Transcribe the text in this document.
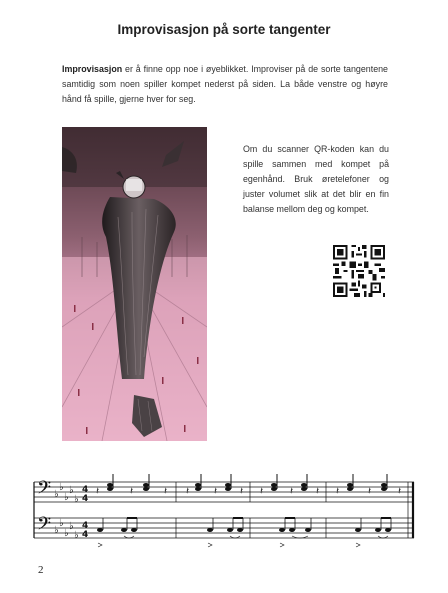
Improvisasjon på sorte tangenter
Improvisasjon er å finne opp noe i øyeblikket. Improviser på de sorte tangentene samtidig som noen spiller kompet nederst på siden. La både venstre og høyre hånd få spille, gjerne hver for seg.
Om du scanner QR-koden kan du spille sammen med kompet på egenhånd. Bruk øretelefoner og juster volumet slik at det blir en fin balanse mellom deg og kompet.
𝄢
𝄢
♭
♭
♭
♭
♭
♭
♭
♭
♭
♭
4
4
4
4
𝄽	𝄽	𝄽 𝄽 𝄽 𝄽 𝄽	𝄽 𝄽 𝄽	𝄽	𝄽
2
